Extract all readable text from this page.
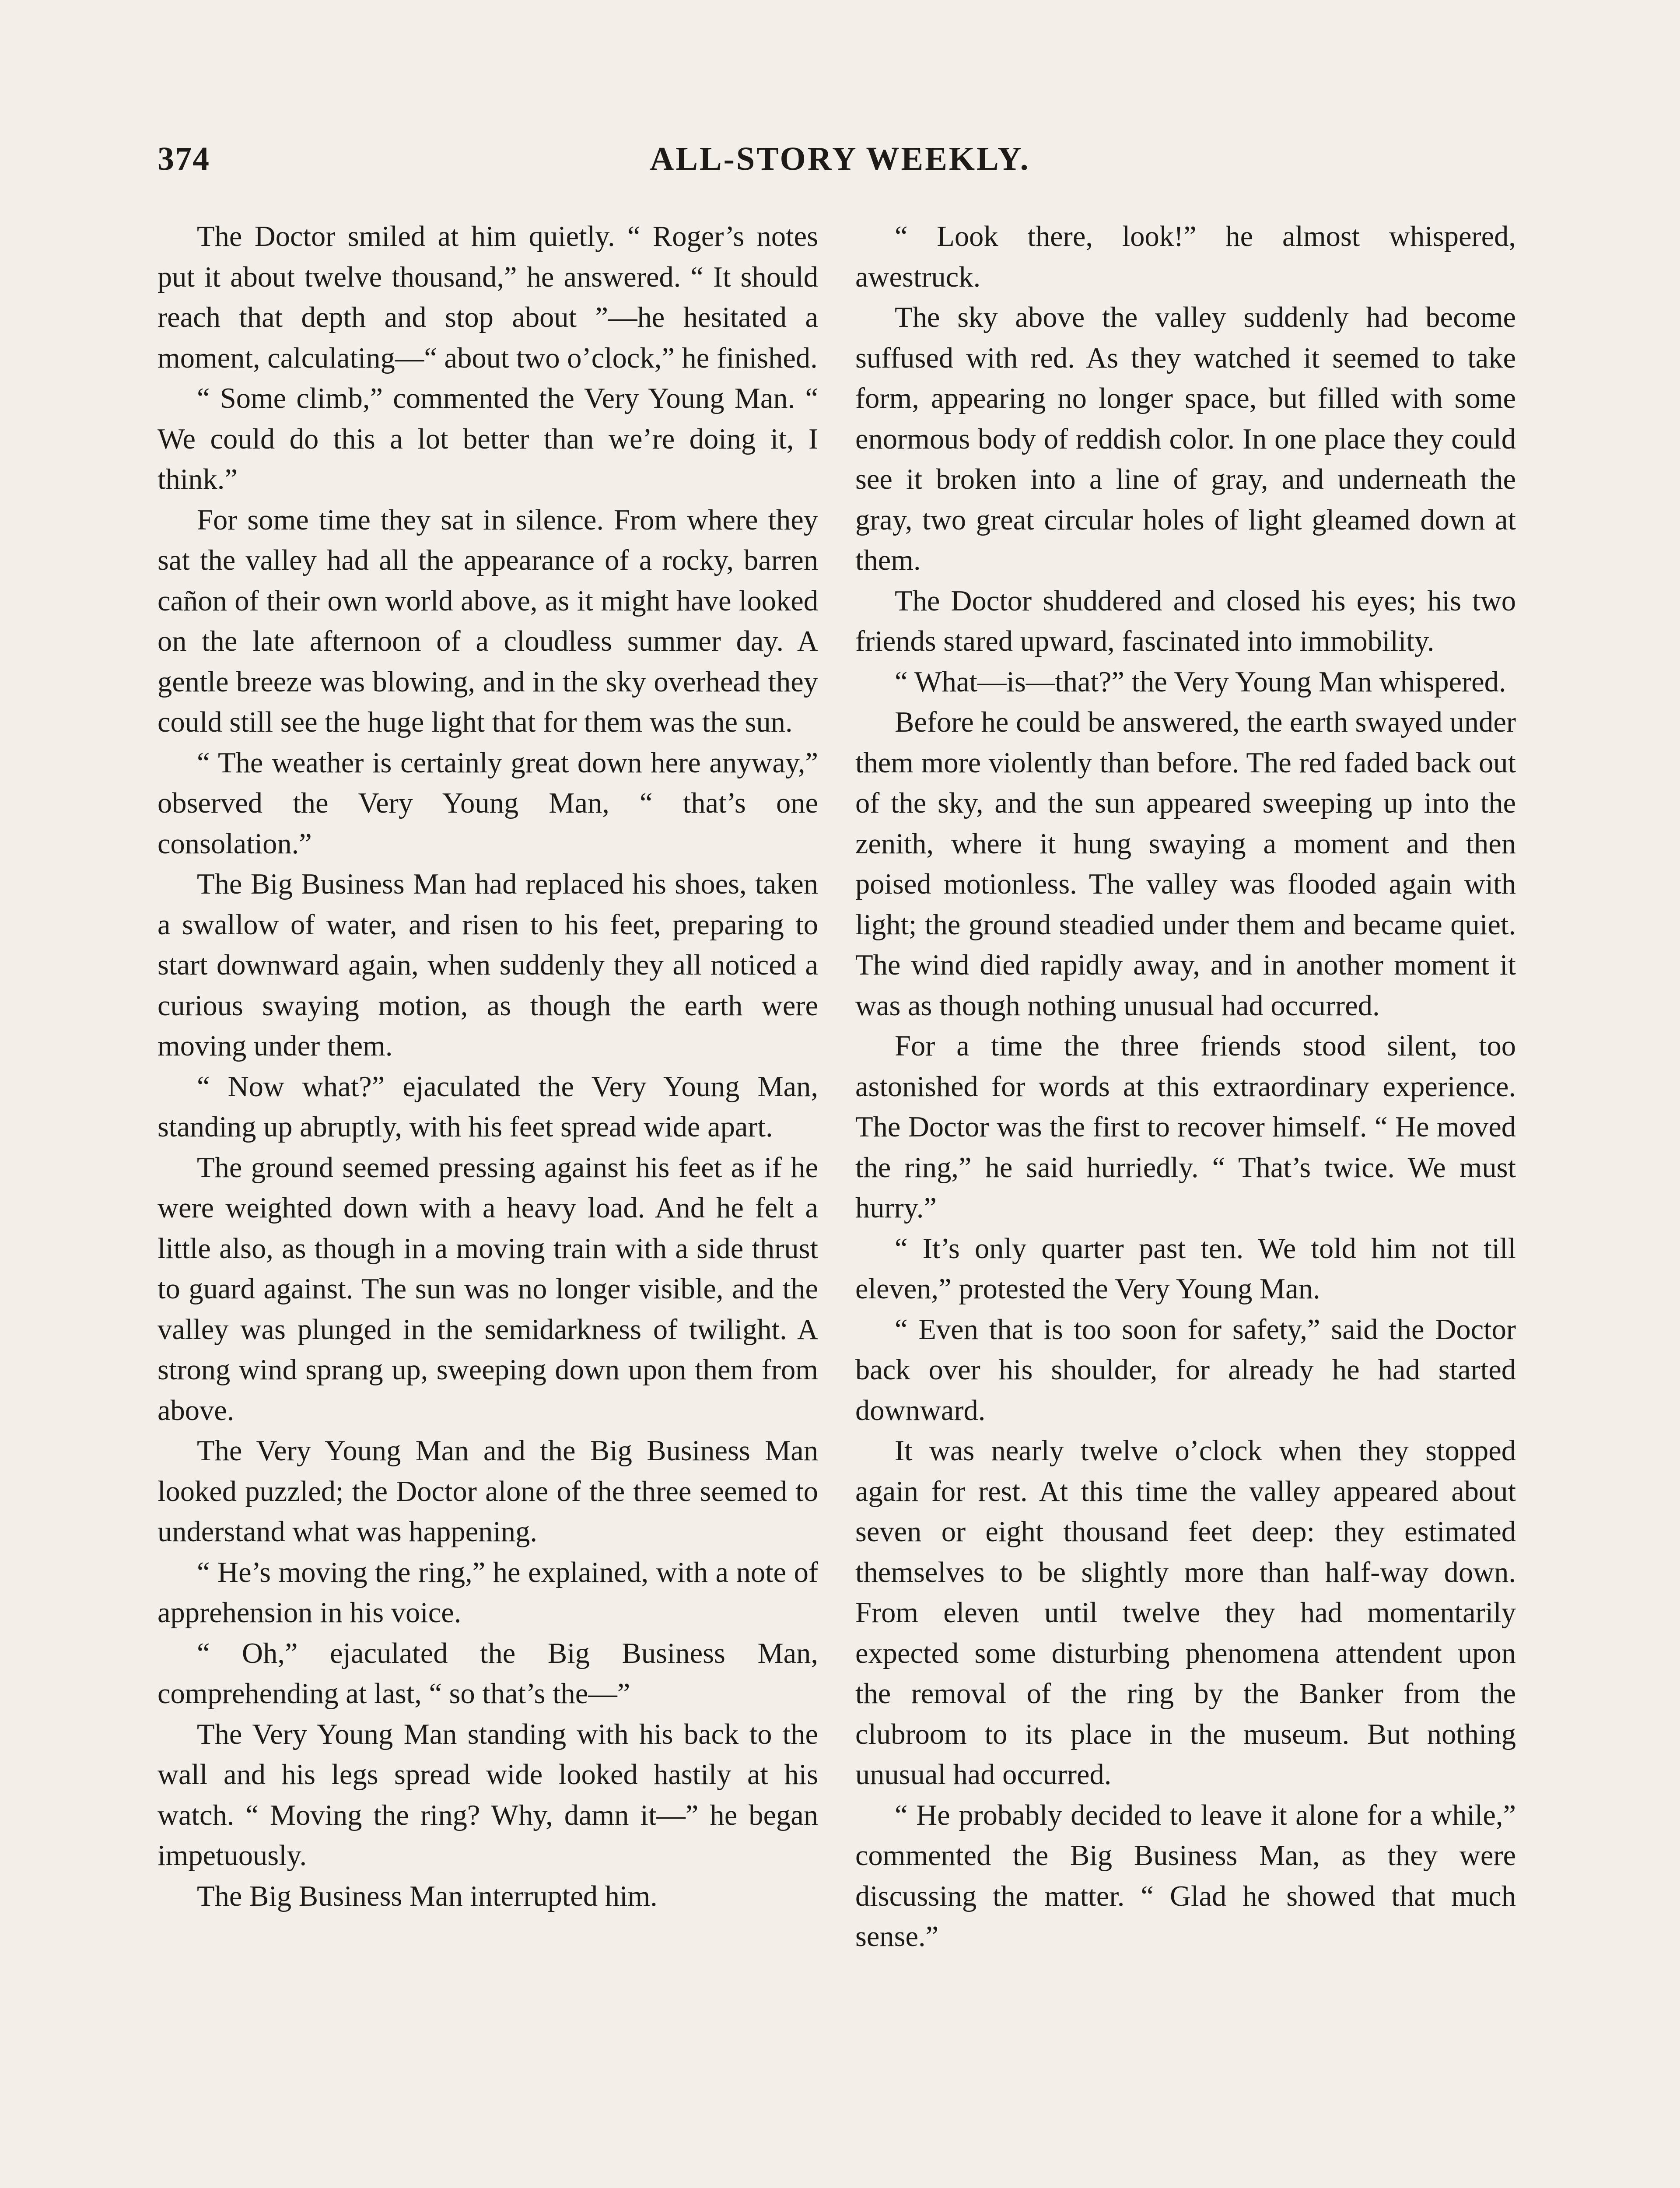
374	ALL-STORY WEEKLY.

The Doctor smiled at him quietly. “ Roger’s notes put it about twelve thousand,” he answered. “ It should reach that depth and stop about ”—he hesitated a moment, calculating—“ about two o’clock,” he finished.

“ Some climb,” commented the Very Young Man. “ We could do this a lot better than we’re doing it, I think.”

For some time they sat in silence. From where they sat the valley had all the appearance of a rocky, barren cañon of their own world above, as it might have looked on the late afternoon of a cloudless summer day. A gentle breeze was blowing, and in the sky overhead they could still see the huge light that for them was the sun.

“ The weather is certainly great down here anyway,” observed the Very Young Man, “ that’s one consolation.”

The Big Business Man had replaced his shoes, taken a swallow of water, and risen to his feet, preparing to start downward again, when suddenly they all noticed a curious swaying motion, as though the earth were moving under them.

“ Now what?” ejaculated the Very Young Man, standing up abruptly, with his feet spread wide apart.

The ground seemed pressing against his feet as if he were weighted down with a heavy load. And he felt a little also, as though in a moving train with a side thrust to guard against. The sun was no longer visible, and the valley was plunged in the semidarkness of twilight. A strong wind sprang up, sweeping down upon them from above.

The Very Young Man and the Big Business Man looked puzzled; the Doctor alone of the three seemed to understand what was happening.

“ He’s moving the ring,” he explained, with a note of apprehension in his voice.

“ Oh,” ejaculated the Big Business Man, comprehending at last, “ so that’s the—”

The Very Young Man standing with his back to the wall and his legs spread wide looked hastily at his watch. “ Moving the ring? Why, damn it—” he began impetuously.

The Big Business Man interrupted him.

“ Look there, look!” he almost whispered, awestruck.

The sky above the valley suddenly had become suffused with red. As they watched it seemed to take form, appearing no longer space, but filled with some enormous body of reddish color. In one place they could see it broken into a line of gray, and underneath the gray, two great circular holes of light gleamed down at them.

The Doctor shuddered and closed his eyes; his two friends stared upward, fascinated into immobility.

“ What—is—that?” the Very Young Man whispered.

Before he could be answered, the earth swayed under them more violently than before. The red faded back out of the sky, and the sun appeared sweeping up into the zenith, where it hung swaying a moment and then poised motionless. The valley was flooded again with light; the ground steadied under them and became quiet. The wind died rapidly away, and in another moment it was as though nothing unusual had occurred.

For a time the three friends stood silent, too astonished for words at this extraordinary experience. The Doctor was the first to recover himself. “ He moved the ring,” he said hurriedly. “ That’s twice. We must hurry.”

“ It’s only quarter past ten. We told him not till eleven,” protested the Very Young Man.

“ Even that is too soon for safety,” said the Doctor back over his shoulder, for already he had started downward.

It was nearly twelve o’clock when they stopped again for rest. At this time the valley appeared about seven or eight thousand feet deep: they estimated themselves to be slightly more than half-way down. From eleven until twelve they had momentarily expected some disturbing phenomena attendent upon the removal of the ring by the Banker from the clubroom to its place in the museum. But nothing unusual had occurred.

“ He probably decided to leave it alone for a while,” commented the Big Business Man, as they were discussing the matter. “ Glad he showed that much sense.”
